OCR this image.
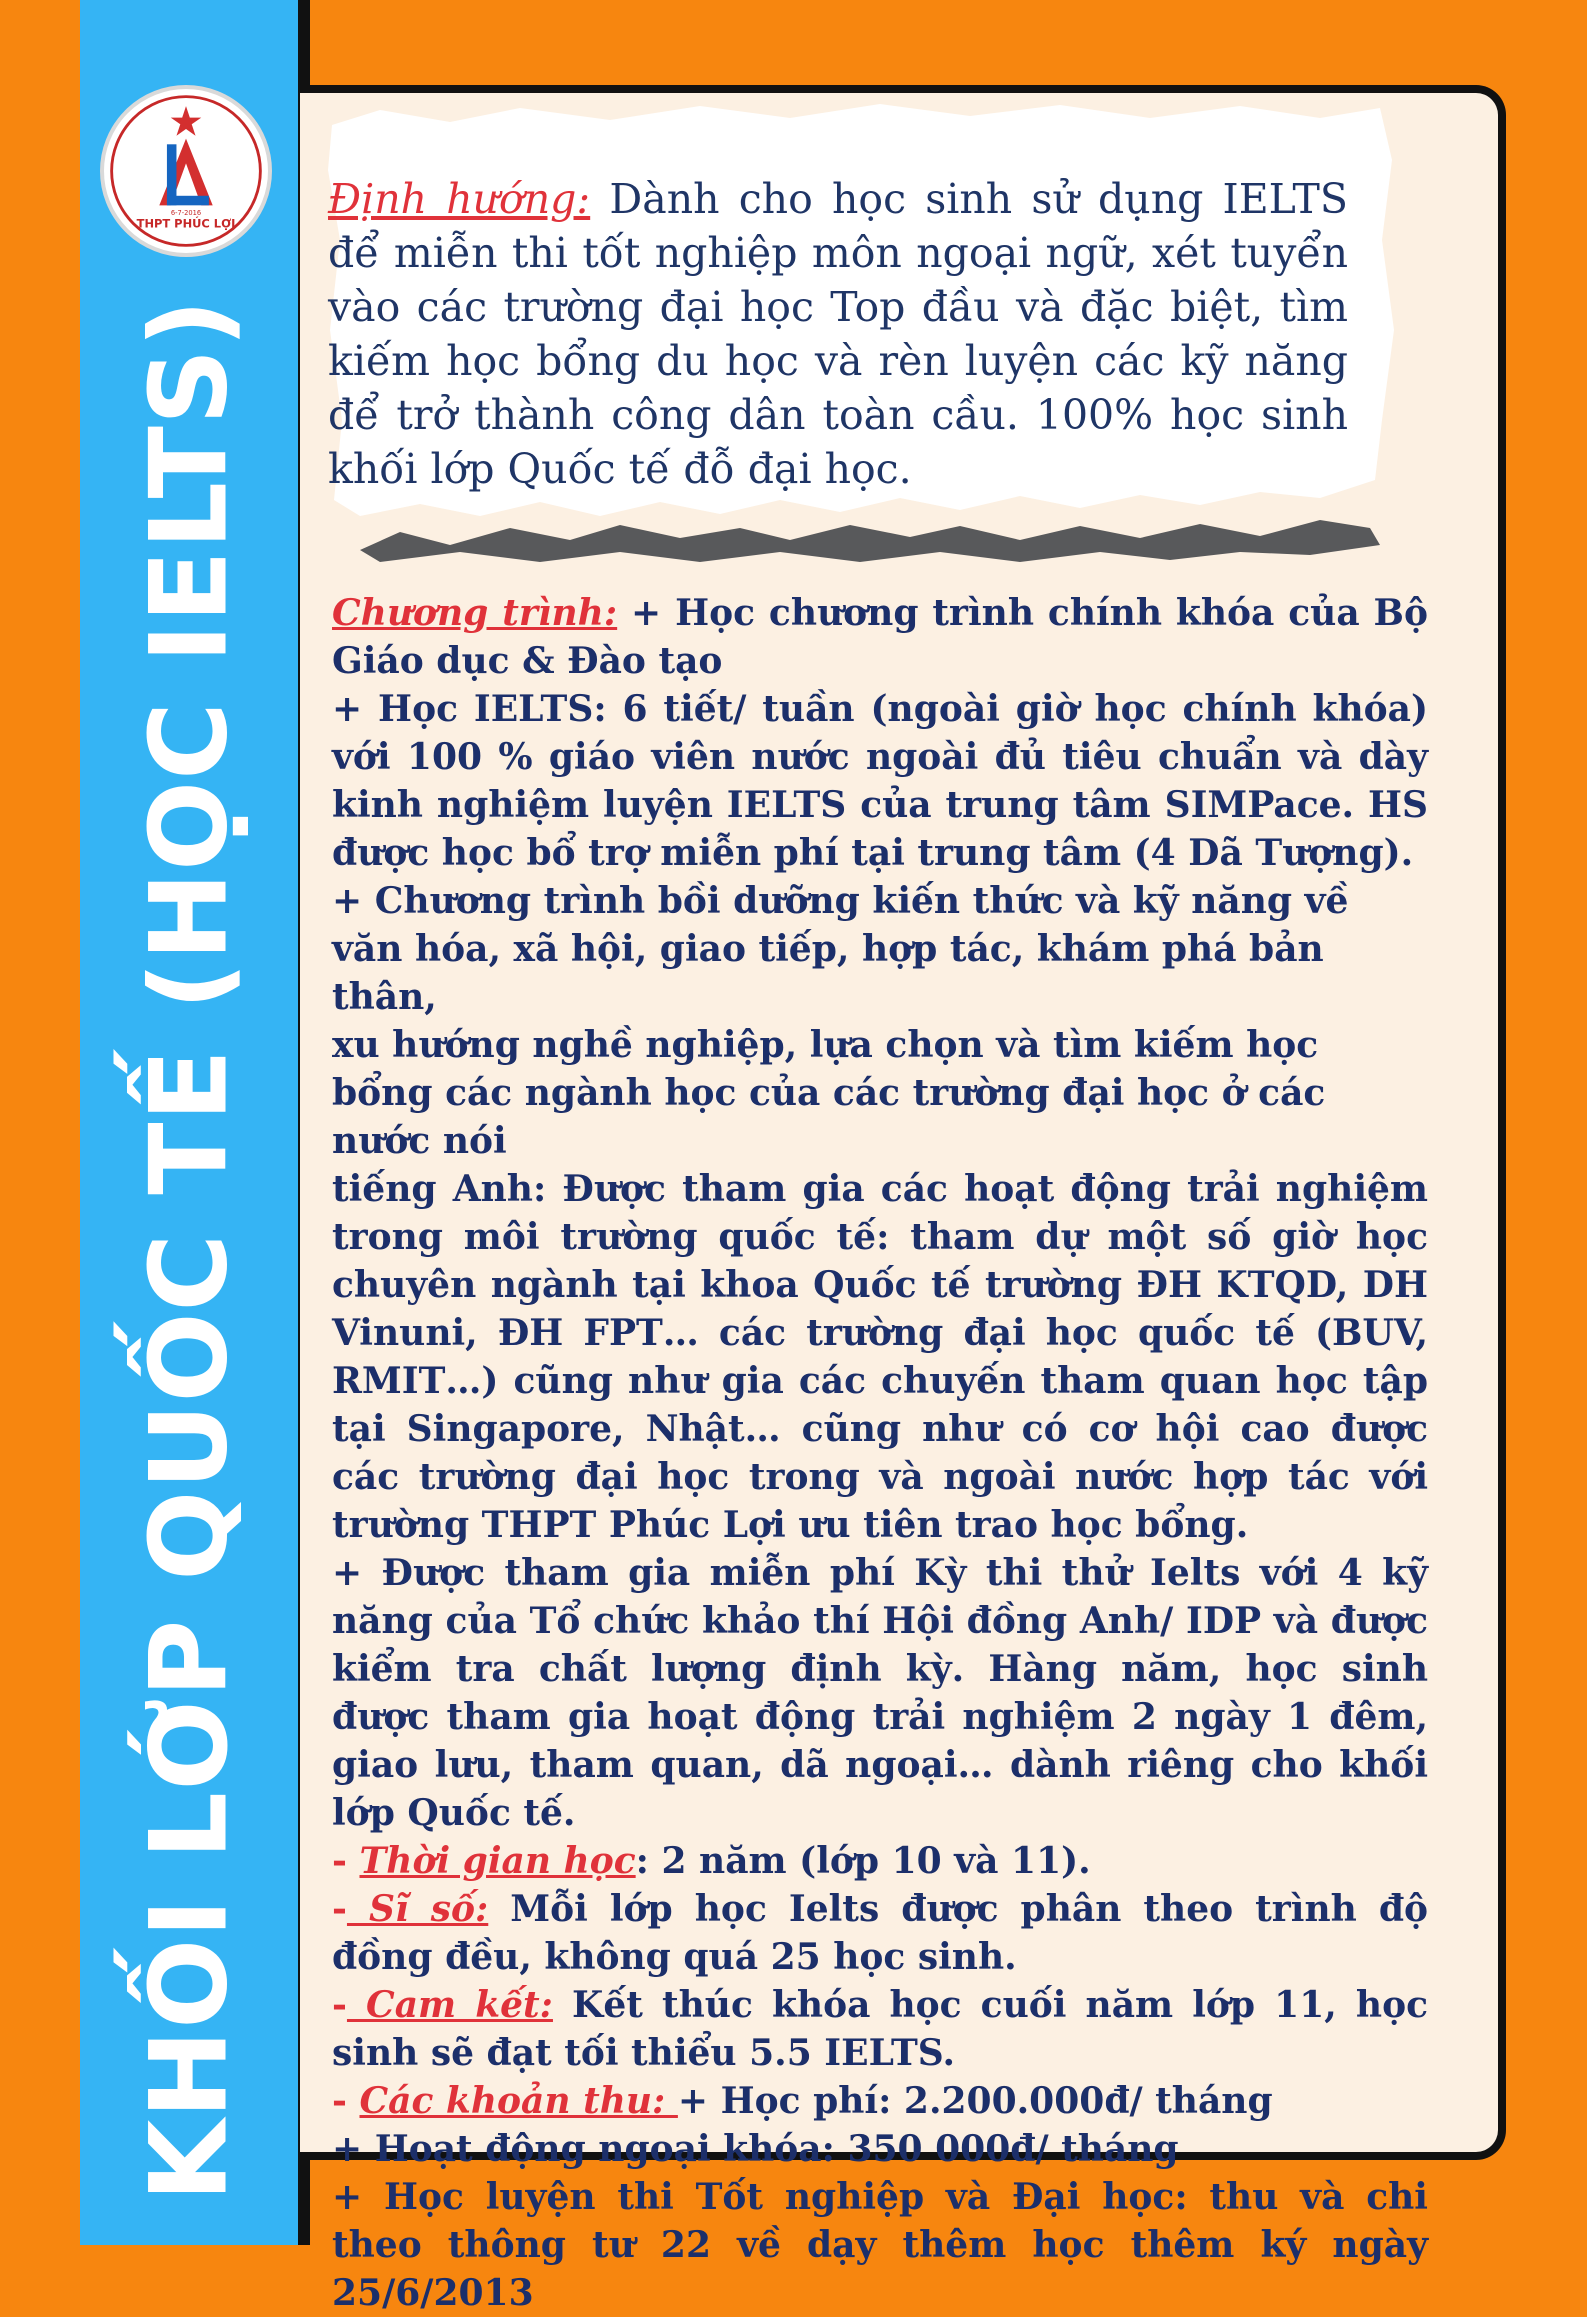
THPT PHÚC LỢI
6-7-2016
KHỐI LỚP QUỐC TẾ (HỌC IELTS)

Định hướng: Dành cho học sinh sử dụng IELTS để miễn thi tốt nghiệp môn ngoại ngữ, xét tuyển vào các trường đại học Top đầu và đặc biệt, tìm kiếm học bổng du học và rèn luyện các kỹ năng để trở thành công dân toàn cầu. 100% học sinh khối lớp Quốc tế đỗ đại học.

Chương trình: + Học chương trình chính khóa của Bộ Giáo dục & Đào tạo

+ Học IELTS: 6 tiết/ tuần (ngoài giờ học chính khóa) với 100 % giáo viên nước ngoài đủ tiêu chuẩn và dày kinh nghiệm luyện IELTS của trung tâm SIMPace. HS được học bổ trợ miễn phí tại trung tâm (4 Dã Tượng).

+ Chương trình bồi dưỡng kiến thức và kỹ năng về văn hóa, xã hội, giao tiếp, hợp tác, khám phá bản thân,

xu hướng nghề nghiệp, lựa chọn và tìm kiếm học bổng các ngành học của các trường đại học ở các nước nói

tiếng Anh: Được tham gia các hoạt động trải nghiệm trong môi trường quốc tế: tham dự một số giờ học chuyên ngành tại khoa Quốc tế trường ĐH KTQD, DH Vinuni, ĐH FPT… các trường đại học quốc tế (BUV, RMIT…) cũng như gia các chuyến tham quan học tập tại Singapore, Nhật… cũng như có cơ hội cao được các trường đại học trong và ngoài nước hợp tác với trường THPT Phúc Lợi ưu tiên trao học bổng.

+ Được tham gia miễn phí Kỳ thi thử Ielts với 4 kỹ năng của Tổ chức khảo thí Hội đồng Anh/ IDP và được kiểm tra chất lượng định kỳ. Hàng năm, học sinh được tham gia hoạt động trải nghiệm 2 ngày 1 đêm, giao lưu, tham quan, dã ngoại… dành riêng cho khối lớp Quốc tế.

- Thời gian học: 2 năm (lớp 10 và 11).

- Sĩ số: Mỗi lớp học Ielts được phân theo trình độ đồng đều, không quá 25 học sinh.

- Cam kết: Kết thúc khóa học cuối năm lớp 11, học sinh sẽ đạt tối thiểu 5.5 IELTS.

- Các khoản thu: + Học phí: 2.200.000đ/ tháng

+ Hoạt động ngoại khóa: 350 000đ/ tháng

+ Học luyện thi Tốt nghiệp và Đại học: thu và chi theo thông tư 22 về dạy thêm học thêm ký ngày 25/6/2013
